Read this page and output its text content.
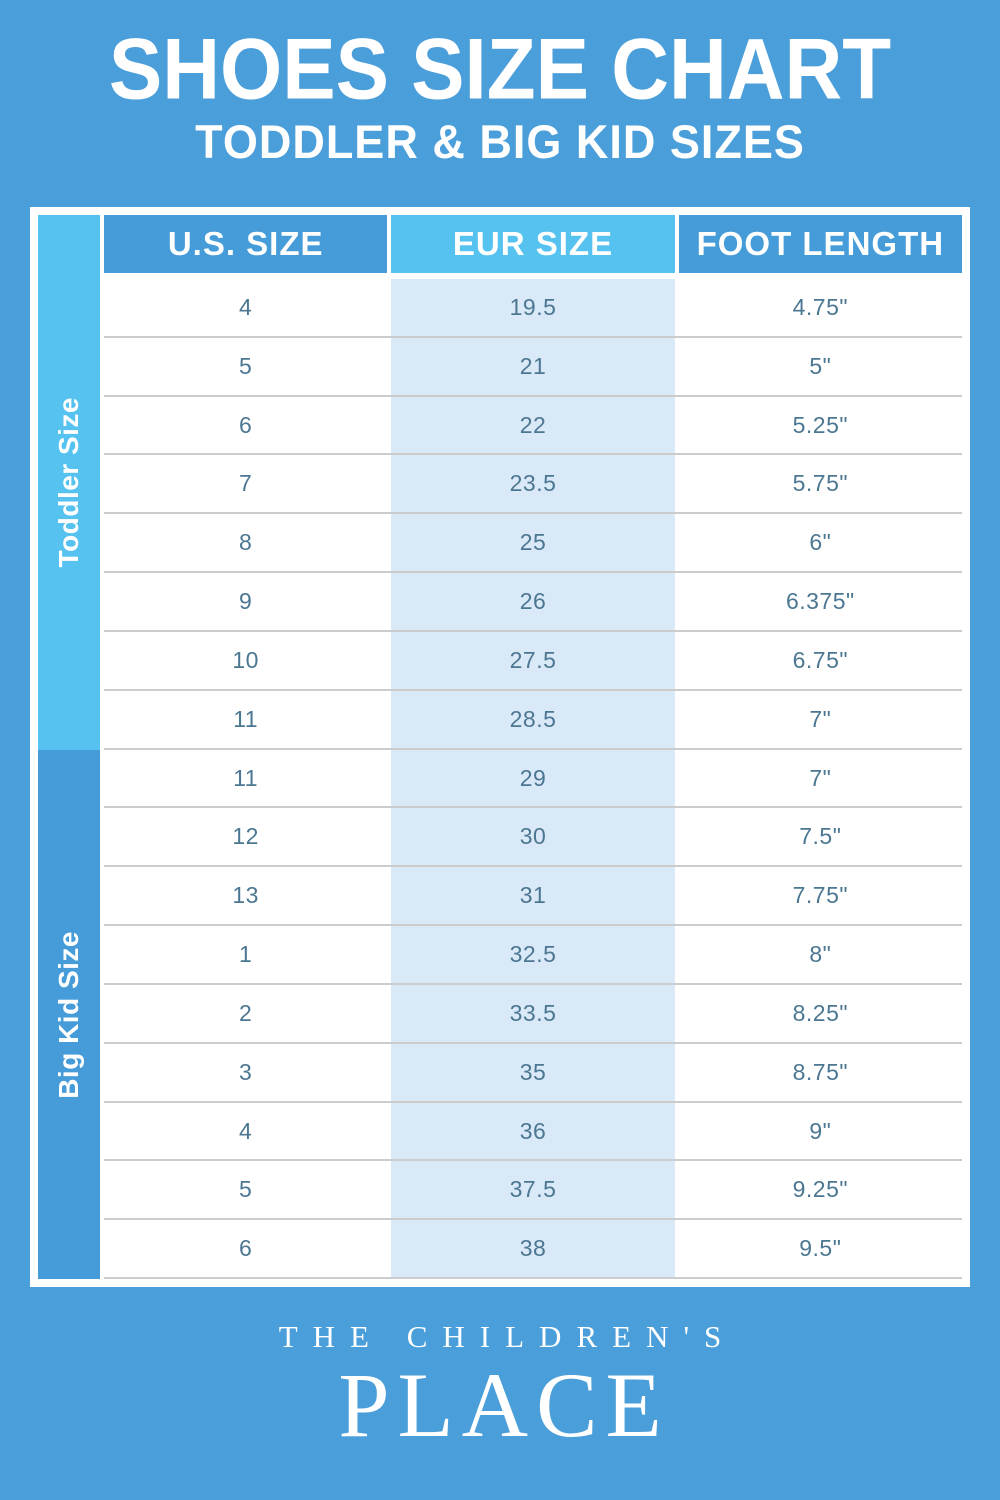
SHOES SIZE CHART
TODDLER & BIG KID SIZES
Toddler Size
Big Kid Size
U.S. SIZE	EUR SIZE	FOOT LENGTH
4	19.5	4.75"
5	21	5"
6	22	5.25"
7	23.5	5.75"
8	25	6"
9	26	6.375"
10	27.5	6.75"
11	28.5	7"
11	29	7"
12	30	7.5"
13	31	7.75"
1	32.5	8"
2	33.5	8.25"
3	35	8.75"
4	36	9"
5	37.5	9.25"
6	38	9.5"
THE CHILDREN'S
PLACE
